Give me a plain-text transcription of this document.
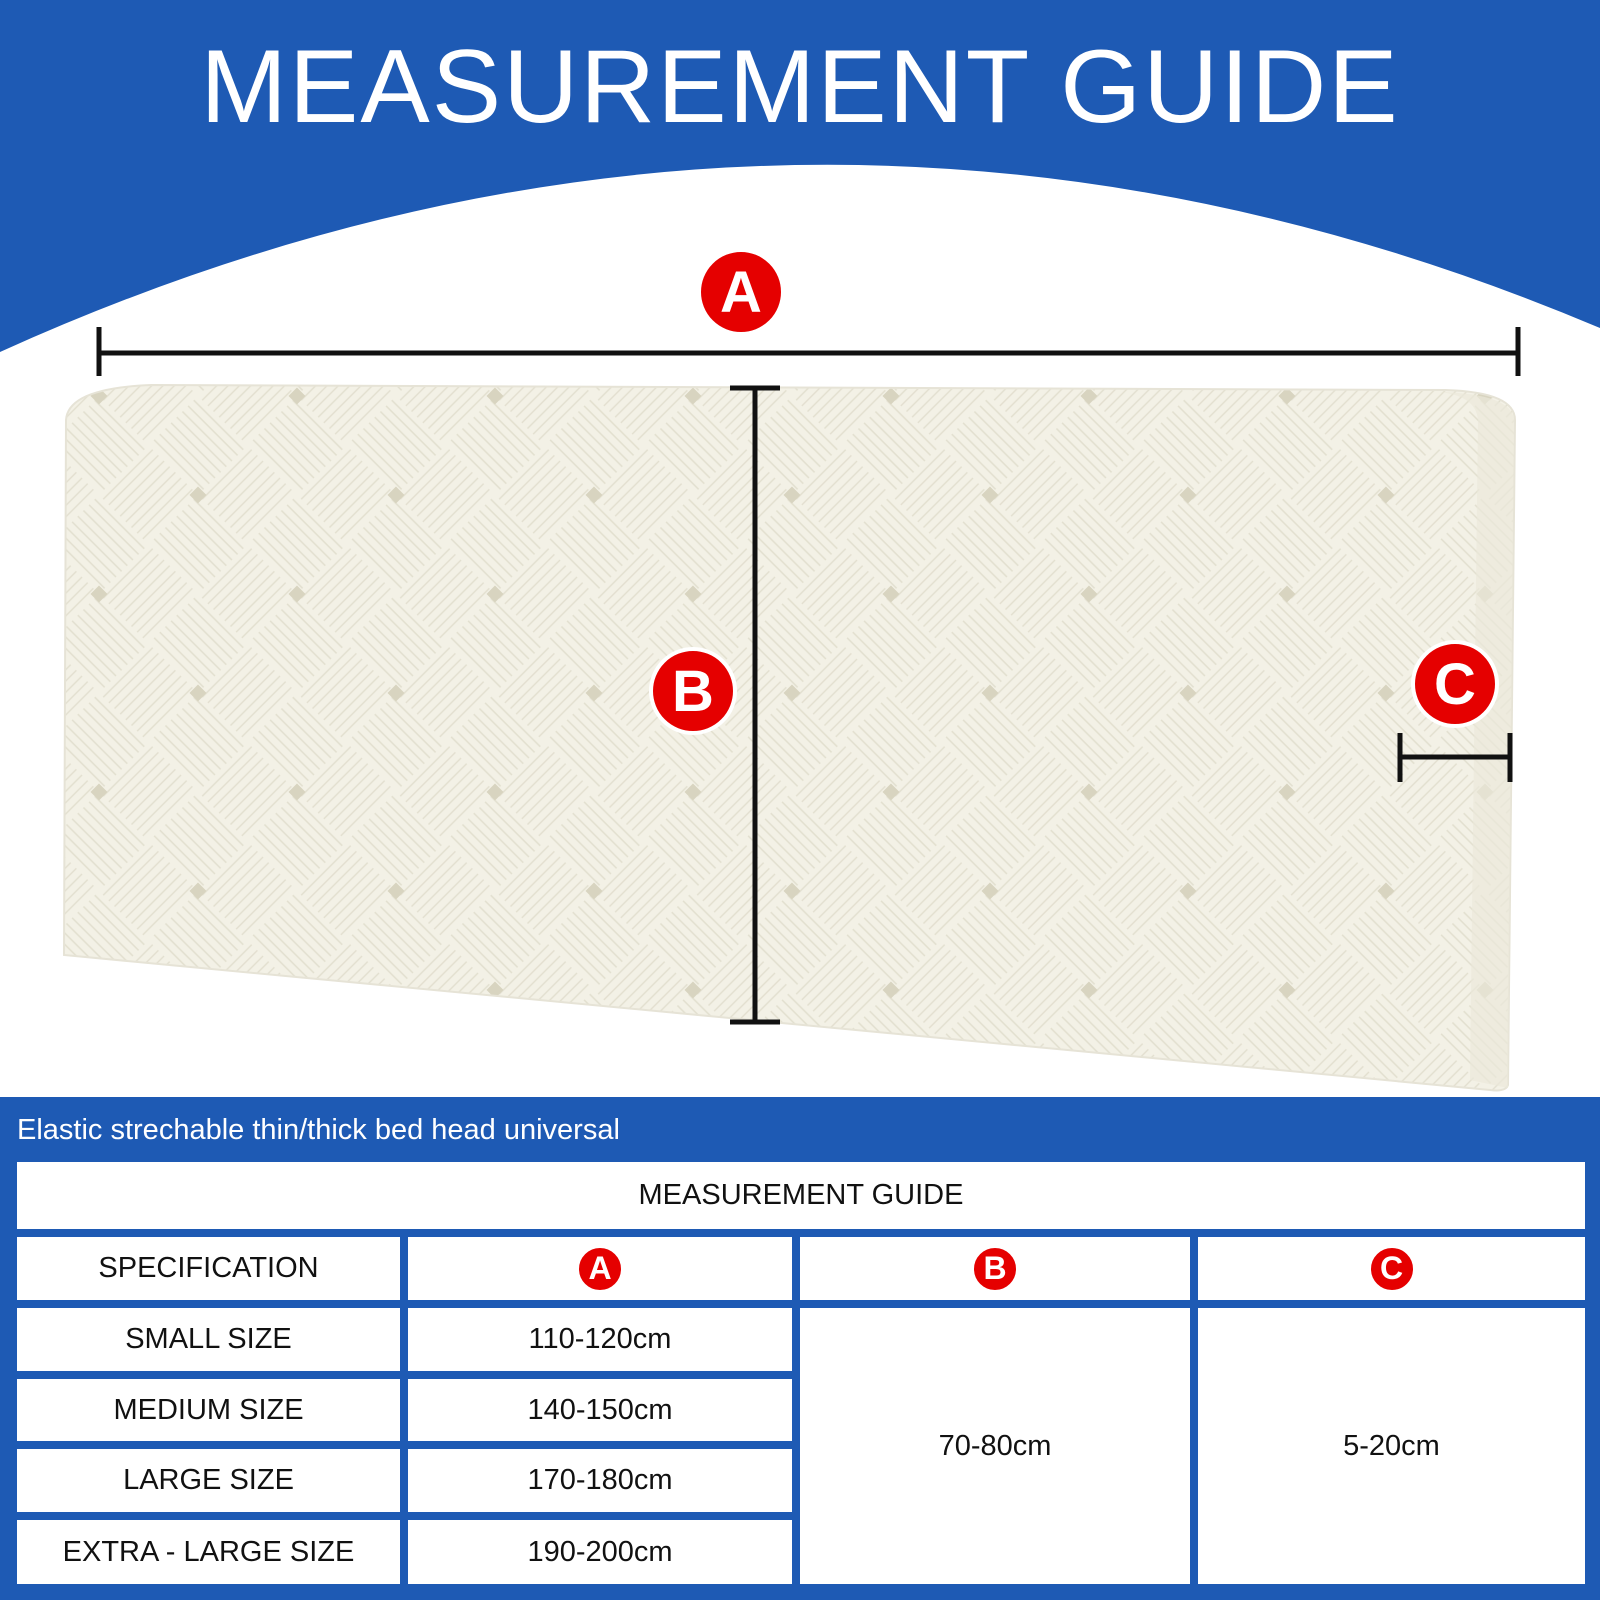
MEASUREMENT GUIDE
A
B	C
Elastic strechable thin/thick bed head universal
MEASUREMENT GUIDE
SPECIFICATION	A	B	C
SMALL SIZE	110-120cm
MEDIUM SIZE	140-150cm
LARGE SIZE	170-180cm
EXTRA - LARGE SIZE	190-200cm
70-80cm	5-20cm
